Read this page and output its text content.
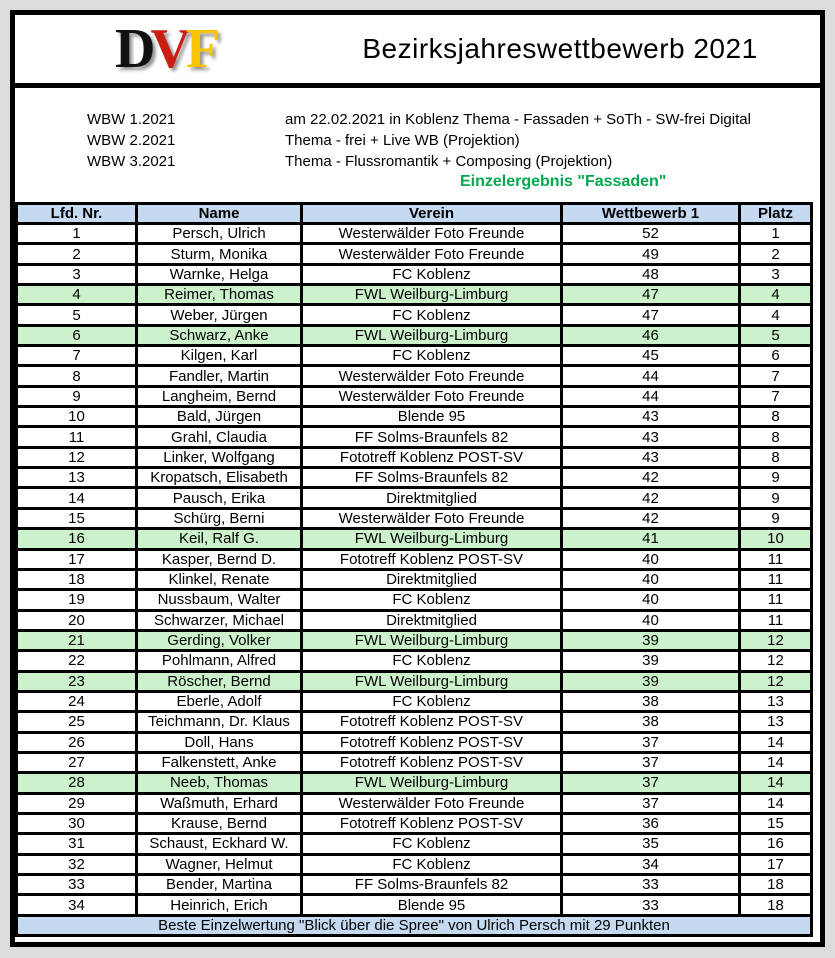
DVF	Bezirksjahreswettbewerb 2021
WBW 1.2021	am 22.02.2021 in Koblenz Thema - Fassaden + SoTh - SW-frei Digital
WBW 2.2021	Thema - frei + Live WB (Projektion)
WBW 3.2021	Thema - Flussromantik + Composing (Projektion)
Einzelergebnis "Fassaden"
Lfd. Nr.	Name	Verein	Wettbewerb 1	Platz
1	Persch, Ulrich	Westerwälder Foto Freunde	52	1
2	Sturm, Monika	Westerwälder Foto Freunde	49	2
3	Warnke, Helga	FC Koblenz	48	3
4	Reimer, Thomas	FWL Weilburg-Limburg	47	4
5	Weber, Jürgen	FC Koblenz	47	4
6	Schwarz, Anke	FWL Weilburg-Limburg	46	5
7	Kilgen, Karl	FC Koblenz	45	6
8	Fandler, Martin	Westerwälder Foto Freunde	44	7
9	Langheim, Bernd	Westerwälder Foto Freunde	44	7
10	Bald, Jürgen	Blende 95	43	8
11	Grahl, Claudia	FF Solms-Braunfels 82	43	8
12	Linker, Wolfgang	Fototreff Koblenz POST-SV	43	8
13	Kropatsch, Elisabeth	FF Solms-Braunfels 82	42	9
14	Pausch, Erika	Direktmitglied	42	9
15	Schürg, Berni	Westerwälder Foto Freunde	42	9
16	Keil, Ralf G.	FWL Weilburg-Limburg	41	10
17	Kasper, Bernd D.	Fototreff Koblenz POST-SV	40	11
18	Klinkel, Renate	Direktmitglied	40	11
19	Nussbaum, Walter	FC Koblenz	40	11
20	Schwarzer, Michael	Direktmitglied	40	11
21	Gerding, Volker	FWL Weilburg-Limburg	39	12
22	Pohlmann, Alfred	FC Koblenz	39	12
23	Röscher, Bernd	FWL Weilburg-Limburg	39	12
24	Eberle, Adolf	FC Koblenz	38	13
25	Teichmann, Dr. Klaus	Fototreff Koblenz POST-SV	38	13
26	Doll, Hans	Fototreff Koblenz POST-SV	37	14
27	Falkenstett, Anke	Fototreff Koblenz POST-SV	37	14
28	Neeb, Thomas	FWL Weilburg-Limburg	37	14
29	Waßmuth, Erhard	Westerwälder Foto Freunde	37	14
30	Krause, Bernd	Fototreff Koblenz POST-SV	36	15
31	Schaust, Eckhard W.	FC Koblenz	35	16
32	Wagner, Helmut	FC Koblenz	34	17
33	Bender, Martina	FF Solms-Braunfels 82	33	18
34	Heinrich, Erich	Blende 95	33	18
Beste Einzelwertung "Blick über die Spree" von Ulrich Persch mit 29 Punkten				
